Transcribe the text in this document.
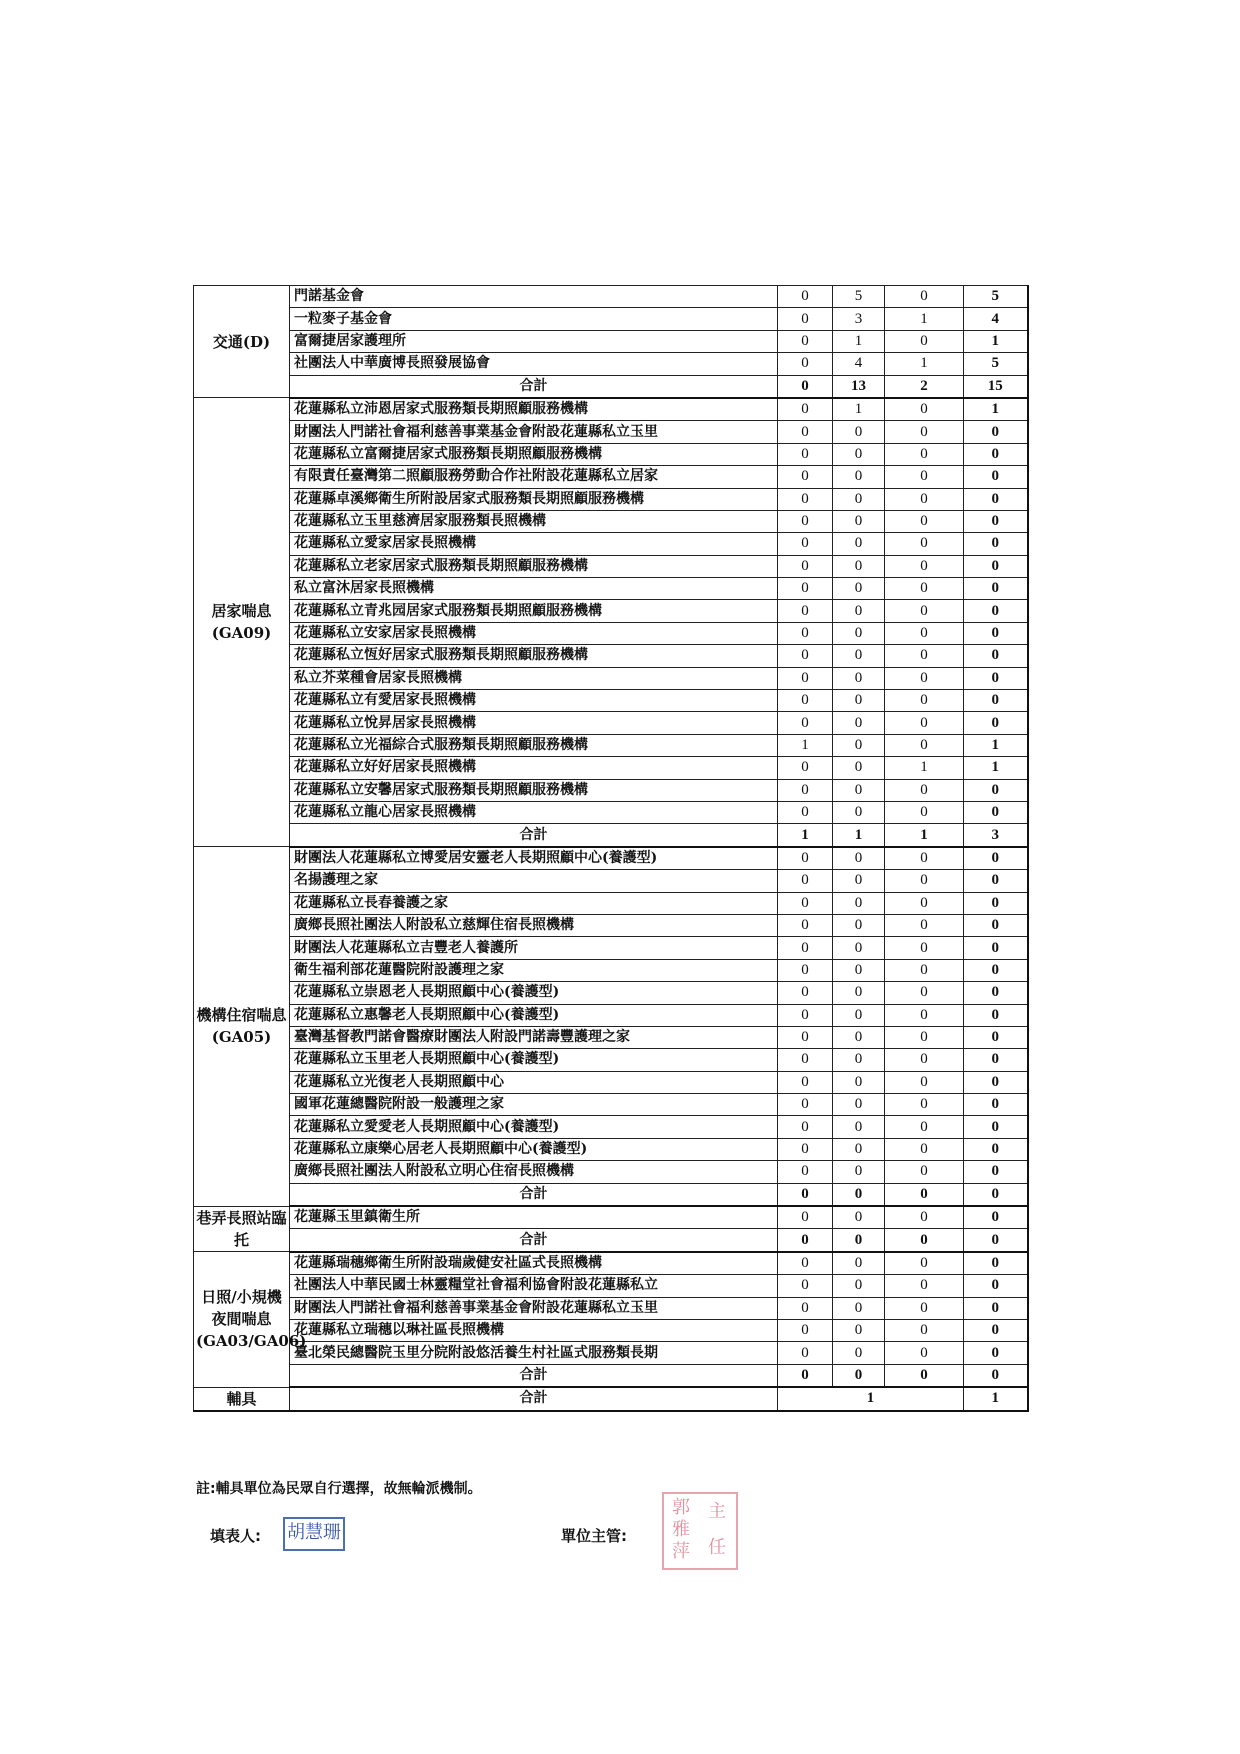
交通(D)	門諾基金會	0	5	0	5
	一粒麥子基金會	0	3	1	4
	富爾捷居家護理所	0	1	0	1
	社團法人中華廣博長照發展協會	0	4	1	5
	合計	0	13	2	15
居家喘息(GA09)	花蓮縣私立沛恩居家式服務類長期照顧服務機構	0	1	0	1
	財團法人門諾社會福利慈善事業基金會附設花蓮縣私立玉里	0	0	0	0
	花蓮縣私立富爾捷居家式服務類長期照顧服務機構	0	0	0	0
	有限責任臺灣第二照顧服務勞動合作社附設花蓮縣私立居家	0	0	0	0
	花蓮縣卓溪鄉衛生所附設居家式服務類長期照顧服務機構	0	0	0	0
	花蓮縣私立玉里慈濟居家服務類長照機構	0	0	0	0
	花蓮縣私立愛家居家長照機構	0	0	0	0
	花蓮縣私立老家居家式服務類長期照顧服務機構	0	0	0	0
	私立富沐居家長照機構	0	0	0	0
	花蓮縣私立青兆园居家式服務類長期照顧服務機構	0	0	0	0
	花蓮縣私立安家居家長照機構	0	0	0	0
	花蓮縣私立恆好居家式服務類長期照顧服務機構	0	0	0	0
	私立芥菜種會居家長照機構	0	0	0	0
	花蓮縣私立有愛居家長照機構	0	0	0	0
	花蓮縣私立悅昇居家長照機構	0	0	0	0
	花蓮縣私立光福綜合式服務類長期照顧服務機構	1	0	0	1
	花蓮縣私立好好居家長照機構	0	0	1	1
	花蓮縣私立安馨居家式服務類長期照顧服務機構	0	0	0	0
	花蓮縣私立龍心居家長照機構	0	0	0	0
	合計	1	1	1	3
機構住宿喘息(GA05)	財團法人花蓮縣私立博愛居安靈老人長期照顧中心(養護型)	0	0	0	0
	名揚護理之家	0	0	0	0
	花蓮縣私立長春養護之家	0	0	0	0
	廣鄉長照社團法人附設私立慈輝住宿長照機構	0	0	0	0
	財團法人花蓮縣私立吉豐老人養護所	0	0	0	0
	衛生福利部花蓮醫院附設護理之家	0	0	0	0
	花蓮縣私立崇恩老人長期照顧中心(養護型)	0	0	0	0
	花蓮縣私立惠馨老人長期照顧中心(養護型)	0	0	0	0
	臺灣基督教門諾會醫療財團法人附設門諾壽豐護理之家	0	0	0	0
	花蓮縣私立玉里老人長期照顧中心(養護型)	0	0	0	0
	花蓮縣私立光復老人長期照顧中心	0	0	0	0
	國軍花蓮總醫院附設一般護理之家	0	0	0	0
	花蓮縣私立愛愛老人長期照顧中心(養護型)	0	0	0	0
	花蓮縣私立康樂心居老人長期照顧中心(養護型)	0	0	0	0
	廣鄉長照社團法人附設私立明心住宿長照機構	0	0	0	0
	合計	0	0	0	0
巷弄長照站臨托	花蓮縣玉里鎮衛生所	0	0	0	0
	合計	0	0	0	0
日照/小規機夜間喘息(GA03/GA06)	花蓮縣瑞穗鄉衛生所附設瑞歲健安社區式長照機構	0	0	0	0
	社團法人中華民國士林靈糧堂社會福利協會附設花蓮縣私立	0	0	0	0
	財團法人門諾社會福利慈善事業基金會附設花蓮縣私立玉里	0	0	0	0
	花蓮縣私立瑞穗以琳社區長照機構	0	0	0	0
	臺北榮民總醫院玉里分院附設悠活養生村社區式服務類長期	0	0	0	0
	合計	0	0	0	0
輔具	合計	1			1
註:輔具單位為民眾自行選擇，故無輪派機制。
填表人: 胡慧珊	單位主管:
郭
雅
萍
主
任
